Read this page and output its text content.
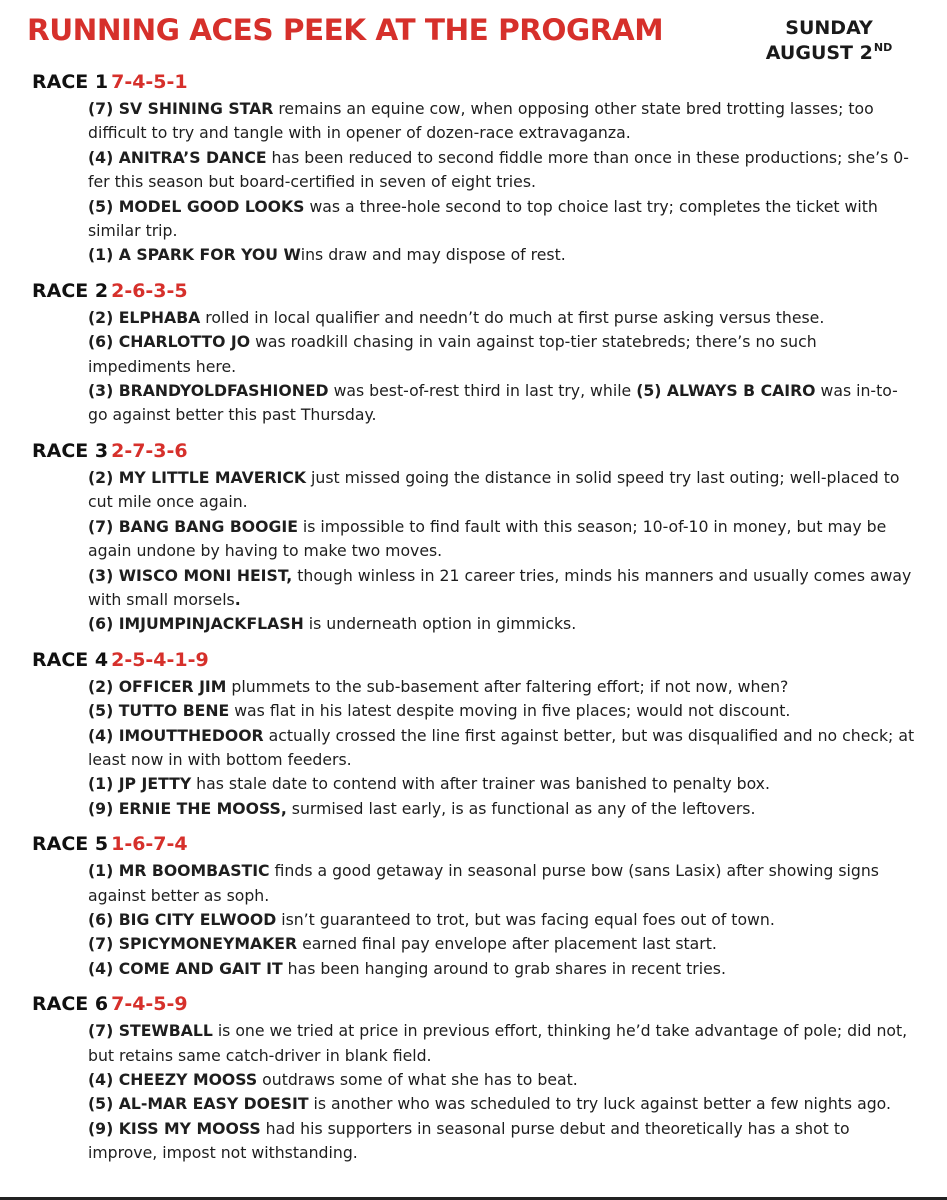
RUNNING ACES PEEK AT THE PROGRAM	SUNDAY
AUGUST 2ND
RACE 1 7-4-5-1

(7) SV SHINING STAR remains an equine cow, when opposing other state bred trotting lasses; too difficult to try and tangle with in opener of dozen-race extravaganza.

(4) ANITRA’S DANCE has been reduced to second fiddle more than once in these productions; she’s 0-fer this season but board-certified in seven of eight tries.

(5) MODEL GOOD LOOKS was a three-hole second to top choice last try; completes the ticket with similar trip.

(1) A SPARK FOR YOU Wins draw and may dispose of rest.

RACE 2 2-6-3-5

(2) ELPHABA rolled in local qualifier and needn’t do much at first purse asking versus these.

(6) CHARLOTTO JO was roadkill chasing in vain against top-tier statebreds; there’s no such impediments here.

(3) BRANDYOLDFASHIONED was best-of-rest third in last try, while (5) ALWAYS B CAIRO was in-to-go against better this past Thursday.

RACE 3 2-7-3-6

(2) MY LITTLE MAVERICK just missed going the distance in solid speed try last outing; well-placed to cut mile once again.

(7) BANG BANG BOOGIE is impossible to find fault with this season; 10-of-10 in money, but may be again undone by having to make two moves.

(3) WISCO MONI HEIST, though winless in 21 career tries, minds his manners and usually comes away with small morsels.

(6) IMJUMPINJACKFLASH is underneath option in gimmicks.

RACE 4 2-5-4-1-9

(2) OFFICER JIM plummets to the sub-basement after faltering effort; if not now, when?

(5) TUTTO BENE was flat in his latest despite moving in five places; would not discount.

(4) IMOUTTHEDOOR actually crossed the line first against better, but was disqualified and no check; at least now in with bottom feeders.

(1) JP JETTY has stale date to contend with after trainer was banished to penalty box.

(9) ERNIE THE MOOSS, surmised last early, is as functional as any of the leftovers.

RACE 5 1-6-7-4

(1) MR BOOMBASTIC finds a good getaway in seasonal purse bow (sans Lasix) after showing signs against better as soph.

(6) BIG CITY ELWOOD isn’t guaranteed to trot, but was facing equal foes out of town.

(7) SPICYMONEYMAKER earned final pay envelope after placement last start.

(4) COME AND GAIT IT has been hanging around to grab shares in recent tries.

RACE 6 7-4-5-9

(7) STEWBALL is one we tried at price in previous effort, thinking he’d take advantage of pole; did not, but retains same catch-driver in blank field.

(4) CHEEZY MOOSS outdraws some of what she has to beat.

(5) AL-MAR EASY DOESIT is another who was scheduled to try luck against better a few nights ago.

(9) KISS MY MOOSS had his supporters in seasonal purse debut and theoretically has a shot to improve, impost not withstanding.
